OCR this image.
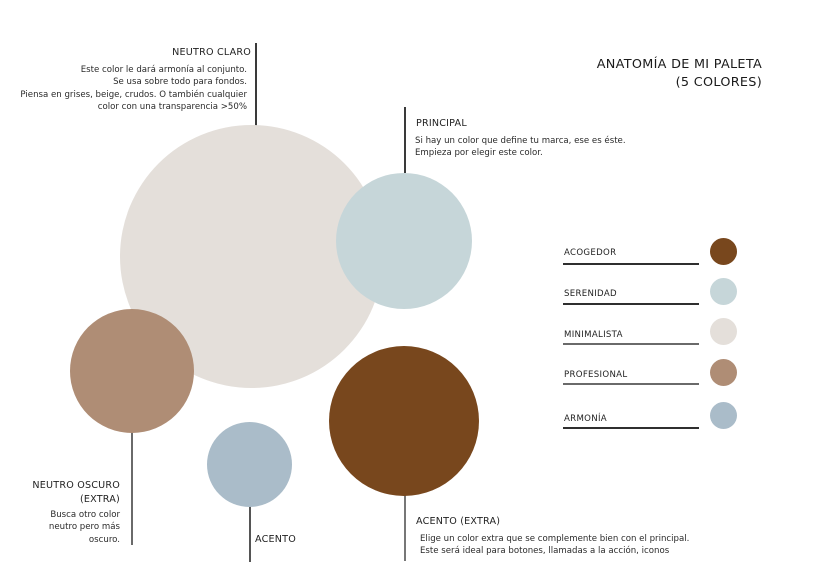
ANATOMÍA DE MI PALETA
(5 COLORES)
NEUTRO CLARO
Este color le dará armonía al conjunto.
Se usa sobre todo para fondos.
Piensa en grises, beige, crudos. O también cualquier
color con una transparencia >50%
PRINCIPAL
Si hay un color que define tu marca, ese es éste.
Empieza por elegir este color.
NEUTRO OSCURO
(EXTRA)
Busca otro color
neutro pero más
oscuro.	ACENTO
ACENTO (EXTRA)
Elige un color extra que se complemente bien con el principal.
Este será ideal para botones, llamadas a la acción, iconos
ACOGEDOR
SERENIDAD
MINIMALISTA
PROFESIONAL
ARMONÍA
